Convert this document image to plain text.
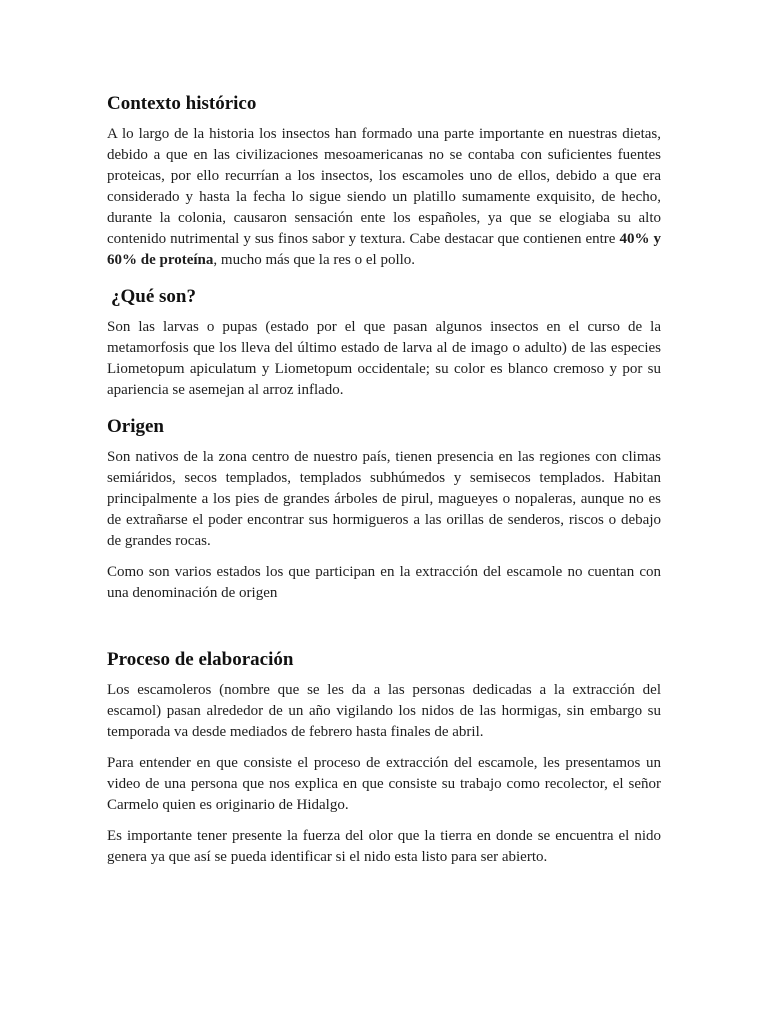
Contexto histórico

A lo largo de la historia los insectos han formado una parte importante en nuestras dietas, debido a que en las civilizaciones mesoamericanas no se contaba con suficientes fuentes proteicas, por ello recurrían a los insectos, los escamoles uno de ellos, debido a que era considerado y hasta la fecha lo sigue siendo un platillo sumamente exquisito, de hecho, durante la colonia, causaron sensación ente los españoles, ya que se elogiaba su alto contenido nutrimental y sus finos sabor y textura. Cabe destacar que contienen entre 40% y 60% de proteína, mucho más que la res o el pollo.

¿Qué son?

Son las larvas o pupas (estado por el que pasan algunos insectos en el curso de la metamorfosis que los lleva del último estado de larva al de imago o adulto) de las especies Liometopum apiculatum y Liometopum occidentale; su color es blanco cremoso y por su apariencia se asemejan al arroz inflado.

Origen

Son nativos de la zona centro de nuestro país, tienen presencia en las regiones con climas semiáridos, secos templados, templados subhúmedos y semisecos templados. Habitan principalmente a los pies de grandes árboles de pirul, magueyes o nopaleras, aunque no es de extrañarse el poder encontrar sus hormigueros a las orillas de senderos, riscos o debajo de grandes rocas.

Como son varios estados los que participan en la extracción del escamole no cuentan con una denominación de origen

Proceso de elaboración

Los escamoleros (nombre que se les da a las personas dedicadas a la extracción del escamol) pasan alrededor de un año vigilando los nidos de las hormigas, sin embargo su temporada va desde mediados de febrero hasta finales de abril.

Para entender en que consiste el proceso de extracción del escamole, les presentamos un video de una persona que nos explica en que consiste su trabajo como recolector, el señor Carmelo quien es originario de Hidalgo.

Es importante tener presente la fuerza del olor que la tierra en donde se encuentra el nido genera ya que así se pueda identificar si el nido esta listo para ser abierto.
